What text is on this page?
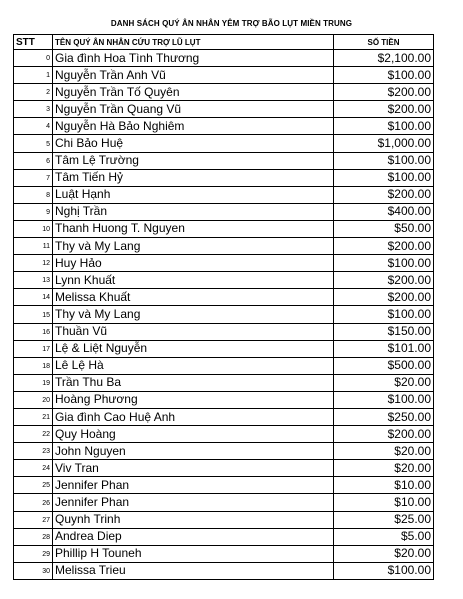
DANH SÁCH QUÝ ÂN NHÂN YÊM TRỢ BÃO LỤT MIỀN TRUNG
STT	TÊN QUÝ ÂN NHÂN CỨU TRỢ LŨ LỤT	SỐ TIỀN
0	Gia đình Hoa Tình Thương	$2,100.00
1	Nguyễn Trần Anh Vũ	$100.00
2	Nguyễn Trần Tố Quyên	$200.00
3	Nguyễn Trần Quang Vũ	$200.00
4	Nguyễn Hà Bảo Nghiêm	$100.00
5	Chi Bảo Huệ	$1,000.00
6	Tâm Lệ Trường	$100.00
7	Tâm Tiến Hỷ	$100.00
8	Luật Hạnh	$200.00
9	Nghị Trần	$400.00
10	Thanh Huong T. Nguyen	$50.00
11	Thy và My Lang	$200.00
12	Huy Hảo	$100.00
13	Lynn Khuất	$200.00
14	Melissa Khuất	$200.00
15	Thy và My Lang	$100.00
16	Thuần Vũ	$150.00
17	Lệ & Liệt Nguyễn	$101.00
18	Lê Lệ Hà	$500.00
19	Trần Thu Ba	$20.00
20	Hoàng Phương	$100.00
21	Gia đình Cao Huệ Anh	$250.00
22	Quy Hoàng	$200.00
23	John Nguyen	$20.00
24	Viv Tran	$20.00
25	Jennifer Phan	$10.00
26	Jennifer Phan	$10.00
27	Quynh Trinh	$25.00
28	Andrea Diep	$5.00
29	Phillip H Touneh	$20.00
30	Melissa Trieu	$100.00
